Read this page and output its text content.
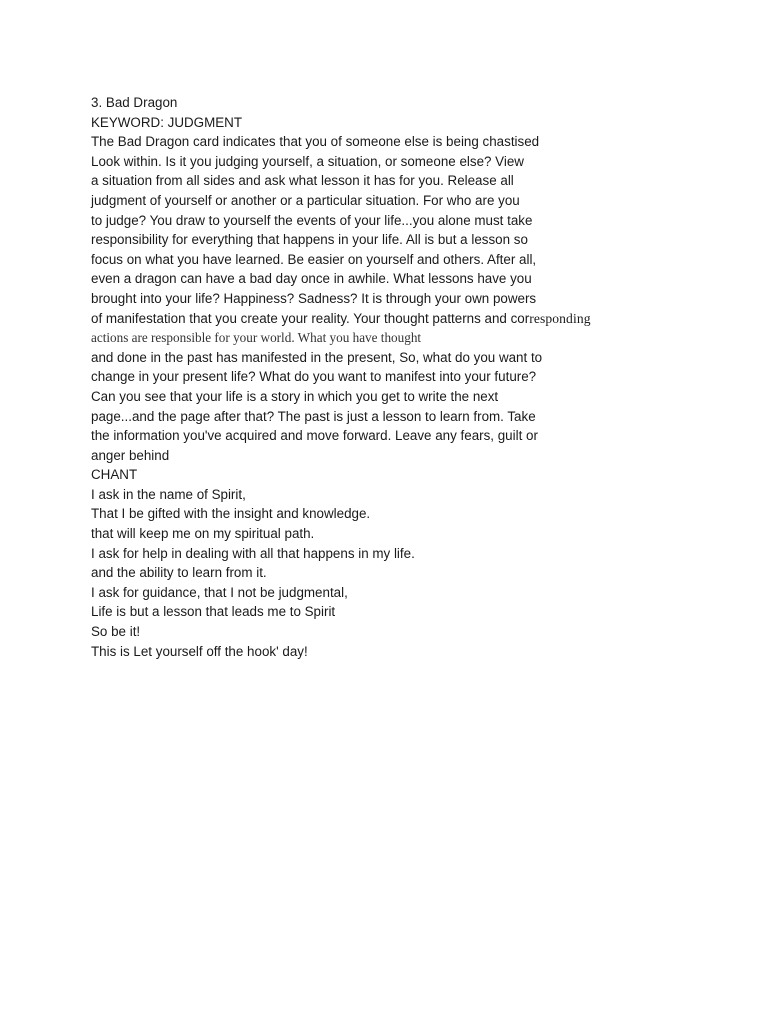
3. Bad Dragon
KEYWORD: JUDGMENT
The Bad Dragon card indicates that you of someone else is being chastised
Look within. Is it you judging yourself, a situation, or someone else? View
a situation from all sides and ask what lesson it has for you. Release all
judgment of yourself or another or a particular situation. For who are you
to judge? You draw to yourself the events of your life...you alone must take
responsibility for everything that happens in your life. All is but a lesson so
focus on what you have learned. Be easier on yourself and others. After all,
even a dragon can have a bad day once in awhile. What lessons have you
brought into your life? Happiness? Sadness? It is through your own powers
of manifestation that you create your reality. Your thought patterns and corresponding
actions are responsible for your world. What you have thought
and done in the past has manifested in the present, So, what do you want to
change in your present life? What do you want to manifest into your future?
Can you see that your life is a story in which you get to write the next
page...and the page after that? The past is just a lesson to learn from. Take
the information you've acquired and move forward. Leave any fears, guilt or
anger behind
CHANT
I ask in the name of Spirit,
That I be gifted with the insight and knowledge.
that will keep me on my spiritual path.
I ask for help in dealing with all that happens in my life.
and the ability to learn from it.
I ask for guidance, that I not be judgmental,
Life is but a lesson that leads me to Spirit
So be it!
This is Let yourself off the hook' day!
